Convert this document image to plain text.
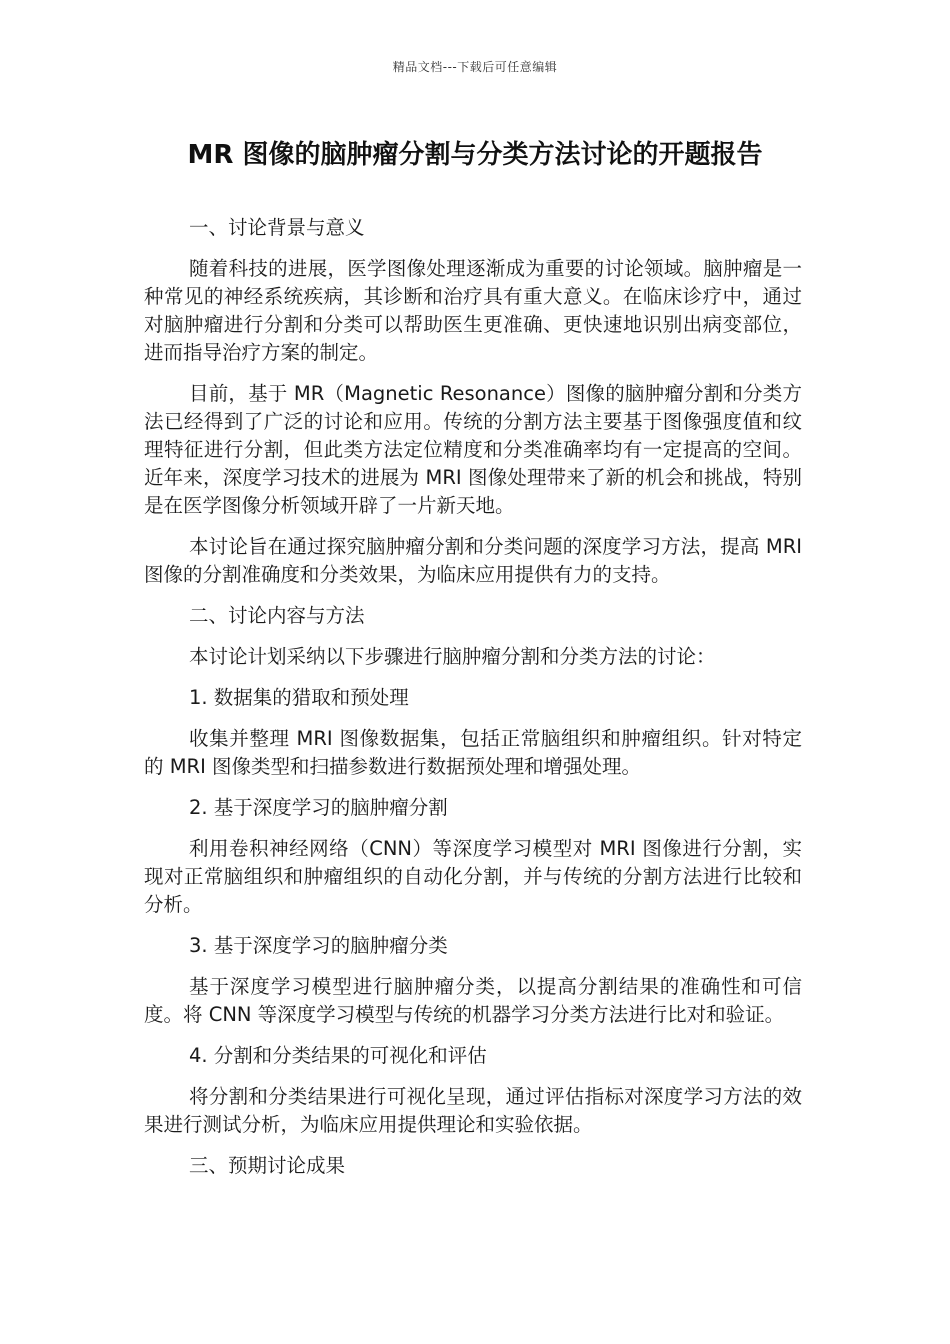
精品文档---下载后可任意编辑
MR 图像的脑肿瘤分割与分类方法讨论的开题报告

一、讨论背景与意义

随着科技的进展，医学图像处理逐渐成为重要的讨论领域。脑肿瘤是一种常见的神经系统疾病，其诊断和治疗具有重大意义。在临床诊疗中，通过对脑肿瘤进行分割和分类可以帮助医生更准确、更快速地识别出病变部位，进而指导治疗方案的制定。

目前，基于 MR（Magnetic Resonance）图像的脑肿瘤分割和分类方法已经得到了广泛的讨论和应用。传统的分割方法主要基于图像强度值和纹理特征进行分割，但此类方法定位精度和分类准确率均有一定提高的空间。近年来，深度学习技术的进展为 MRI 图像处理带来了新的机会和挑战，特别是在医学图像分析领域开辟了一片新天地。

本讨论旨在通过探究脑肿瘤分割和分类问题的深度学习方法，提高 MRI 图像的分割准确度和分类效果，为临床应用提供有力的支持。

二、讨论内容与方法

本讨论计划采纳以下步骤进行脑肿瘤分割和分类方法的讨论：

1. 数据集的猎取和预处理

收集并整理 MRI 图像数据集，包括正常脑组织和肿瘤组织。针对特定的 MRI 图像类型和扫描参数进行数据预处理和增强处理。

2. 基于深度学习的脑肿瘤分割

利用卷积神经网络（CNN）等深度学习模型对 MRI 图像进行分割，实现对正常脑组织和肿瘤组织的自动化分割，并与传统的分割方法进行比较和分析。

3. 基于深度学习的脑肿瘤分类

基于深度学习模型进行脑肿瘤分类，以提高分割结果的准确性和可信度。将 CNN 等深度学习模型与传统的机器学习分类方法进行比对和验证。

4. 分割和分类结果的可视化和评估

将分割和分类结果进行可视化呈现，通过评估指标对深度学习方法的效果进行测试分析，为临床应用提供理论和实验依据。

三、预期讨论成果
